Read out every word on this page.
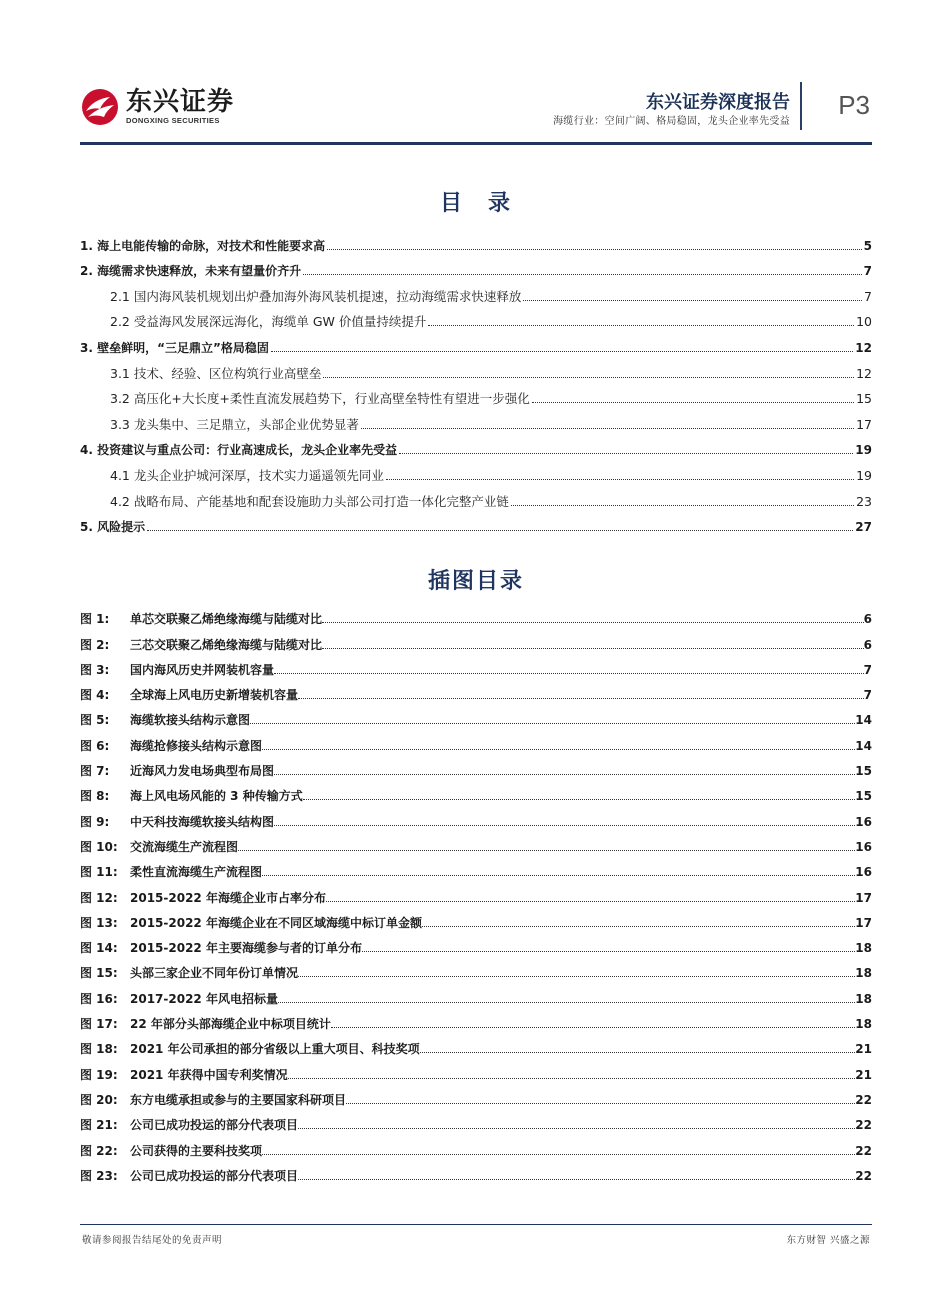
东兴证券
DONGXING SECURITIES
东兴证券深度报告
海缆行业：空间广阔、格局稳固，龙头企业率先受益
P3
目　录
1. 海上电能传输的命脉，对技术和性能要求高	5
2. 海缆需求快速释放，未来有望量价齐升	7
2.1 国内海风装机规划出炉叠加海外海风装机提速，拉动海缆需求快速释放	7
2.2 受益海风发展深远海化，海缆单 GW 价值量持续提升	10
3. 壁垒鲜明，“三足鼎立”格局稳固	12
3.1 技术、经验、区位构筑行业高壁垒	12
3.2 高压化+大长度+柔性直流发展趋势下，行业高壁垒特性有望进一步强化	15
3.3 龙头集中、三足鼎立，头部企业优势显著	17
4. 投资建议与重点公司：行业高速成长，龙头企业率先受益	19
4.1 龙头企业护城河深厚，技术实力遥遥领先同业	19
4.2 战略布局、产能基地和配套设施助力头部公司打造一体化完整产业链	23
5. 风险提示	27
插图目录
图 1:	单芯交联聚乙烯绝缘海缆与陆缆对比	6
图 2:	三芯交联聚乙烯绝缘海缆与陆缆对比	6
图 3:	国内海风历史并网装机容量	7
图 4:	全球海上风电历史新增装机容量	7
图 5:	海缆软接头结构示意图	14
图 6:	海缆抢修接头结构示意图	14
图 7:	近海风力发电场典型布局图	15
图 8:	海上风电场风能的 3 种传输方式	15
图 9:	中天科技海缆软接头结构图	16
图 10:	交流海缆生产流程图	16
图 11:	柔性直流海缆生产流程图	16
图 12:	2015-2022 年海缆企业市占率分布	17
图 13:	2015-2022 年海缆企业在不同区域海缆中标订单金额	17
图 14:	2015-2022 年主要海缆参与者的订单分布	18
图 15:	头部三家企业不同年份订单情况	18
图 16:	2017-2022 年风电招标量	18
图 17:	22 年部分头部海缆企业中标项目统计	18
图 18:	2021 年公司承担的部分省级以上重大项目、科技奖项	21
图 19:	2021 年获得中国专利奖情况	21
图 20:	东方电缆承担或参与的主要国家科研项目	22
图 21:	公司已成功投运的部分代表项目	22
图 22:	公司获得的主要科技奖项	22
图 23:	公司已成功投运的部分代表项目	22
敬请参阅报告结尾处的免责声明	东方财智 兴盛之源
